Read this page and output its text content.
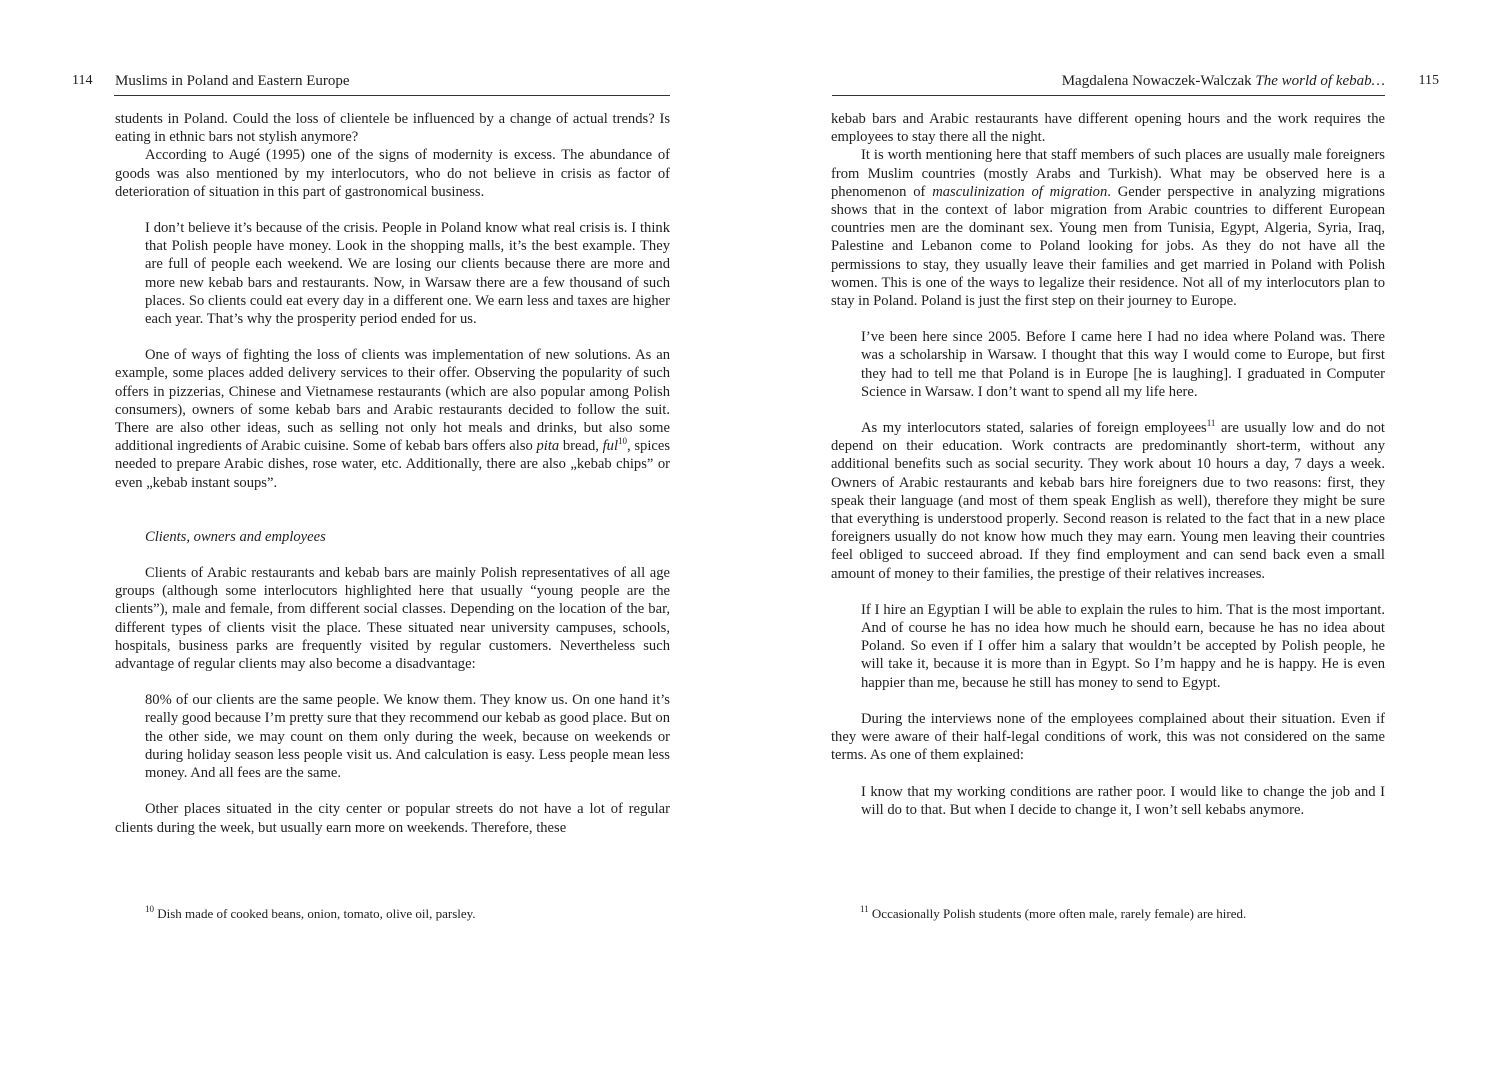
114 Muslims in Poland and Eastern Europe

students in Poland. Could the loss of clientele be influenced by a change of actual trends? Is eating in ethnic bars not stylish anymore?

According to Augé (1995) one of the signs of modernity is excess. The abundance of goods was also mentioned by my interlocutors, who do not believe in crisis as factor of deterioration of situation in this part of gastronomical business.

I don’t believe it’s because of the crisis. People in Poland know what real crisis is. I think that Polish people have money. Look in the shopping malls, it’s the best example. They are full of people each weekend. We are losing our clients because there are more and more new kebab bars and restaurants. Now, in Warsaw there are a few thousand of such places. So clients could eat every day in a different one. We earn less and taxes are higher each year. That’s why the prosperity period ended for us.

One of ways of fighting the loss of clients was implementation of new solutions. As an example, some places added delivery services to their offer. Observing the popularity of such offers in pizzerias, Chinese and Vietnamese restaurants (which are also popular among Polish consumers), owners of some kebab bars and Arabic restaurants decided to follow the suit. There are also other ideas, such as selling not only hot meals and drinks, but also some additional ingredients of Arabic cuisine. Some of kebab bars offers also pita bread, ful$^{10}$, spices needed to prepare Arabic dishes, rose water, etc. Additionally, there are also „kebab chips” or even „kebab instant soups”.

Clients, owners and employees

Clients of Arabic restaurants and kebab bars are mainly Polish representatives of all age groups (although some interlocutors highlighted here that usually “young people are the clients”), male and female, from different social classes. Depending on the location of the bar, different types of clients visit the place. These situated near university campuses, schools, hospitals, business parks are frequently visited by regular customers. Nevertheless such advantage of regular clients may also become a disadvantage:

80% of our clients are the same people. We know them. They know us. On one hand it’s really good because I’m pretty sure that they recommend our kebab as good place. But on the other side, we may count on them only during the week, because on weekends or during holiday season less people visit us. And calculation is easy. Less people mean less money. And all fees are the same.

Other places situated in the city center or popular streets do not have a lot of regular clients during the week, but usually earn more on weekends. Therefore, these

$^{10}$ Dish made of cooked beans, onion, tomato, olive oil, parsley.
Magdalena Nowaczek-Walczak The world of kebab… 115

kebab bars and Arabic restaurants have different opening hours and the work requires the employees to stay there all the night.

It is worth mentioning here that staff members of such places are usually male foreigners from Muslim countries (mostly Arabs and Turkish). What may be observed here is a phenomenon of masculinization of migration. Gender perspective in analyzing migrations shows that in the context of labor migration from Arabic countries to different European countries men are the dominant sex. Young men from Tunisia, Egypt, Algeria, Syria, Iraq, Palestine and Lebanon come to Poland looking for jobs. As they do not have all the permissions to stay, they usually leave their families and get married in Poland with Polish women. This is one of the ways to legalize their residence. Not all of my interlocutors plan to stay in Poland. Poland is just the first step on their journey to Europe.

I’ve been here since 2005. Before I came here I had no idea where Poland was. There was a scholarship in Warsaw. I thought that this way I would come to Europe, but first they had to tell me that Poland is in Europe [he is laughing]. I graduated in Computer Science in Warsaw. I don’t want to spend all my life here.

As my interlocutors stated, salaries of foreign employees$^{11}$ are usually low and do not depend on their education. Work contracts are predominantly short-term, without any additional benefits such as social security. They work about 10 hours a day, 7 days a week. Owners of Arabic restaurants and kebab bars hire foreigners due to two reasons: first, they speak their language (and most of them speak English as well), therefore they might be sure that everything is understood properly. Second reason is related to the fact that in a new place foreigners usually do not know how much they may earn. Young men leaving their countries feel obliged to succeed abroad. If they find employment and can send back even a small amount of money to their families, the prestige of their relatives increases.

If I hire an Egyptian I will be able to explain the rules to him. That is the most important. And of course he has no idea how much he should earn, because he has no idea about Poland. So even if I offer him a salary that wouldn’t be accepted by Polish people, he will take it, because it is more than in Egypt. So I’m happy and he is happy. He is even happier than me, because he still has money to send to Egypt.

During the interviews none of the employees complained about their situation. Even if they were aware of their half-legal conditions of work, this was not considered on the same terms. As one of them explained:

I know that my working conditions are rather poor. I would like to change the job and I will do to that. But when I decide to change it, I won’t sell kebabs anymore.

$^{11}$ Occasionally Polish students (more often male, rarely female) are hired.
